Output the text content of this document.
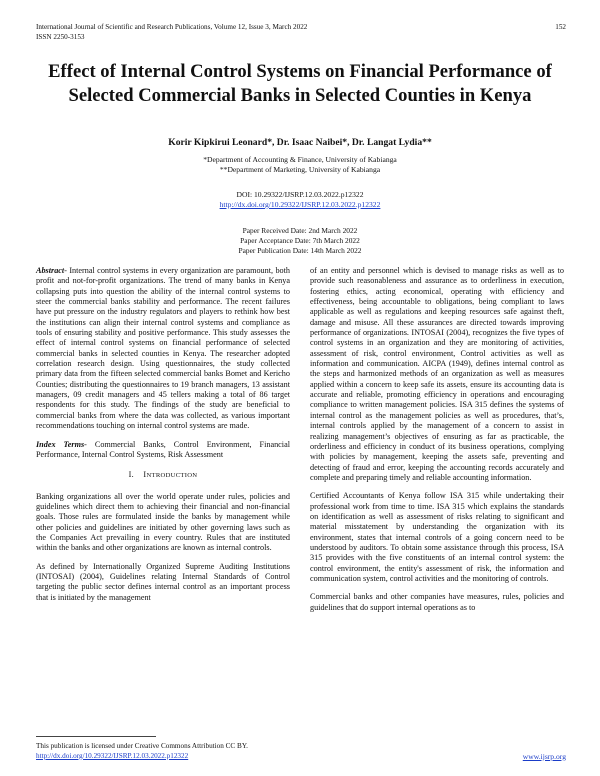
International Journal of Scientific and Research Publications, Volume 12, Issue 3, March 2022
ISSN 2250-3153
152
Effect of Internal Control Systems on Financial Performance of Selected Commercial Banks in Selected Counties in Kenya
Korir Kipkirui Leonard*, Dr. Isaac Naibei*, Dr. Langat Lydia**
*Department of Accounting & Finance, University of Kabianga
**Department of Marketing, University of Kabianga
DOI: 10.29322/IJSRP.12.03.2022.p12322
http://dx.doi.org/10.29322/IJSRP.12.03.2022.p12322
Paper Received Date: 2nd March 2022
Paper Acceptance Date: 7th March 2022
Paper Publication Date: 14th March 2022

Abstract- Internal control systems in every organization are paramount, both profit and not-for-profit organizations. The trend of many banks in Kenya collapsing puts into question the ability of the internal control systems to steer the commercial banks stability and performance. The recent failures have put pressure on the industry regulators and players to rethink how best the institutions can align their internal control systems and compliance as tools of ensuring stability and positive performance. This study assesses the effect of internal control systems on financial performance of selected commercial banks in selected counties in Kenya. The researcher adopted correlation research design. Using questionnaires, the study collected primary data from the fifteen selected commercial banks Bomet and Kericho Counties; distributing the questionnaires to 19 branch managers, 13 assistant managers, 09 credit managers and 45 tellers making a total of 86 target respondents for this study. The findings of the study are beneficial to commercial banks from where the data was collected, as various important recommendations touching on internal control systems are made.

Index Terms- Commercial Banks, Control Environment, Financial Performance, Internal Control Systems, Risk Assessment

I. INTRODUCTION

Banking organizations all over the world operate under rules, policies and guidelines which direct them to achieving their financial and non-financial goals. Those rules are formulated inside the banks by management while other policies and guidelines are initiated by other governing laws such as the Companies Act prevailing in every country. Rules that are instituted within the banks and other organizations are known as internal controls.

As defined by Internationally Organized Supreme Auditing Institutions (INTOSAI) (2004), Guidelines relating Internal Standards of Control targeting the public sector defines internal control as an important process that is initiated by the management

of an entity and personnel which is devised to manage risks as well as to provide such reasonableness and assurance as to orderliness in execution, fostering ethics, acting economical, operating with efficiency and effectiveness, being accountable to obligations, being compliant to laws applicable as well as regulations and keeping resources safe against theft, damage and misuse. All these assurances are directed towards improving performance of organizations. INTOSAI (2004), recognizes the five types of control systems in an organization and they are monitoring of activities, assessment of risk, control environment, Control activities as well as information and communication. AICPA (1949), defines internal control as the steps and harmonized methods of an organization as well as measures applied within a concern to keep safe its assets, ensure its accounting data is accurate and reliable, promoting efficiency in operations and encouraging compliance to written management policies. ISA 315 defines the systems of internal control as the management policies as well as procedures, that’s, internal controls applied by the management of a concern to assist in realizing management’s objectives of ensuring as far as practicable, the orderliness and efficiency in conduct of its business operations, complying with policies by management, keeping the assets safe, preventing and detecting of fraud and error, keeping the accounting records accurately and complete and preparing timely and reliable accounting information.

Certified Accountants of Kenya follow ISA 315 while undertaking their professional work from time to time. ISA 315 which explains the standards on identification as well as assessment of risks relating to significant and material misstatement by understanding the organization with its environment, states that internal controls of a going concern need to be understood by auditors. To obtain some assistance through this process, ISA 315 provides with the five constituents of an internal control system: the control environment, the entity's assessment of risk, the information and communication system, control activities and the monitoring of controls.

Commercial banks and other companies have measures, rules, policies and guidelines that do support internal operations as to

This publication is licensed under Creative Commons Attribution CC BY.
http://dx.doi.org/10.29322/IJSRP.12.03.2022.p12322	www.ijsrp.org
